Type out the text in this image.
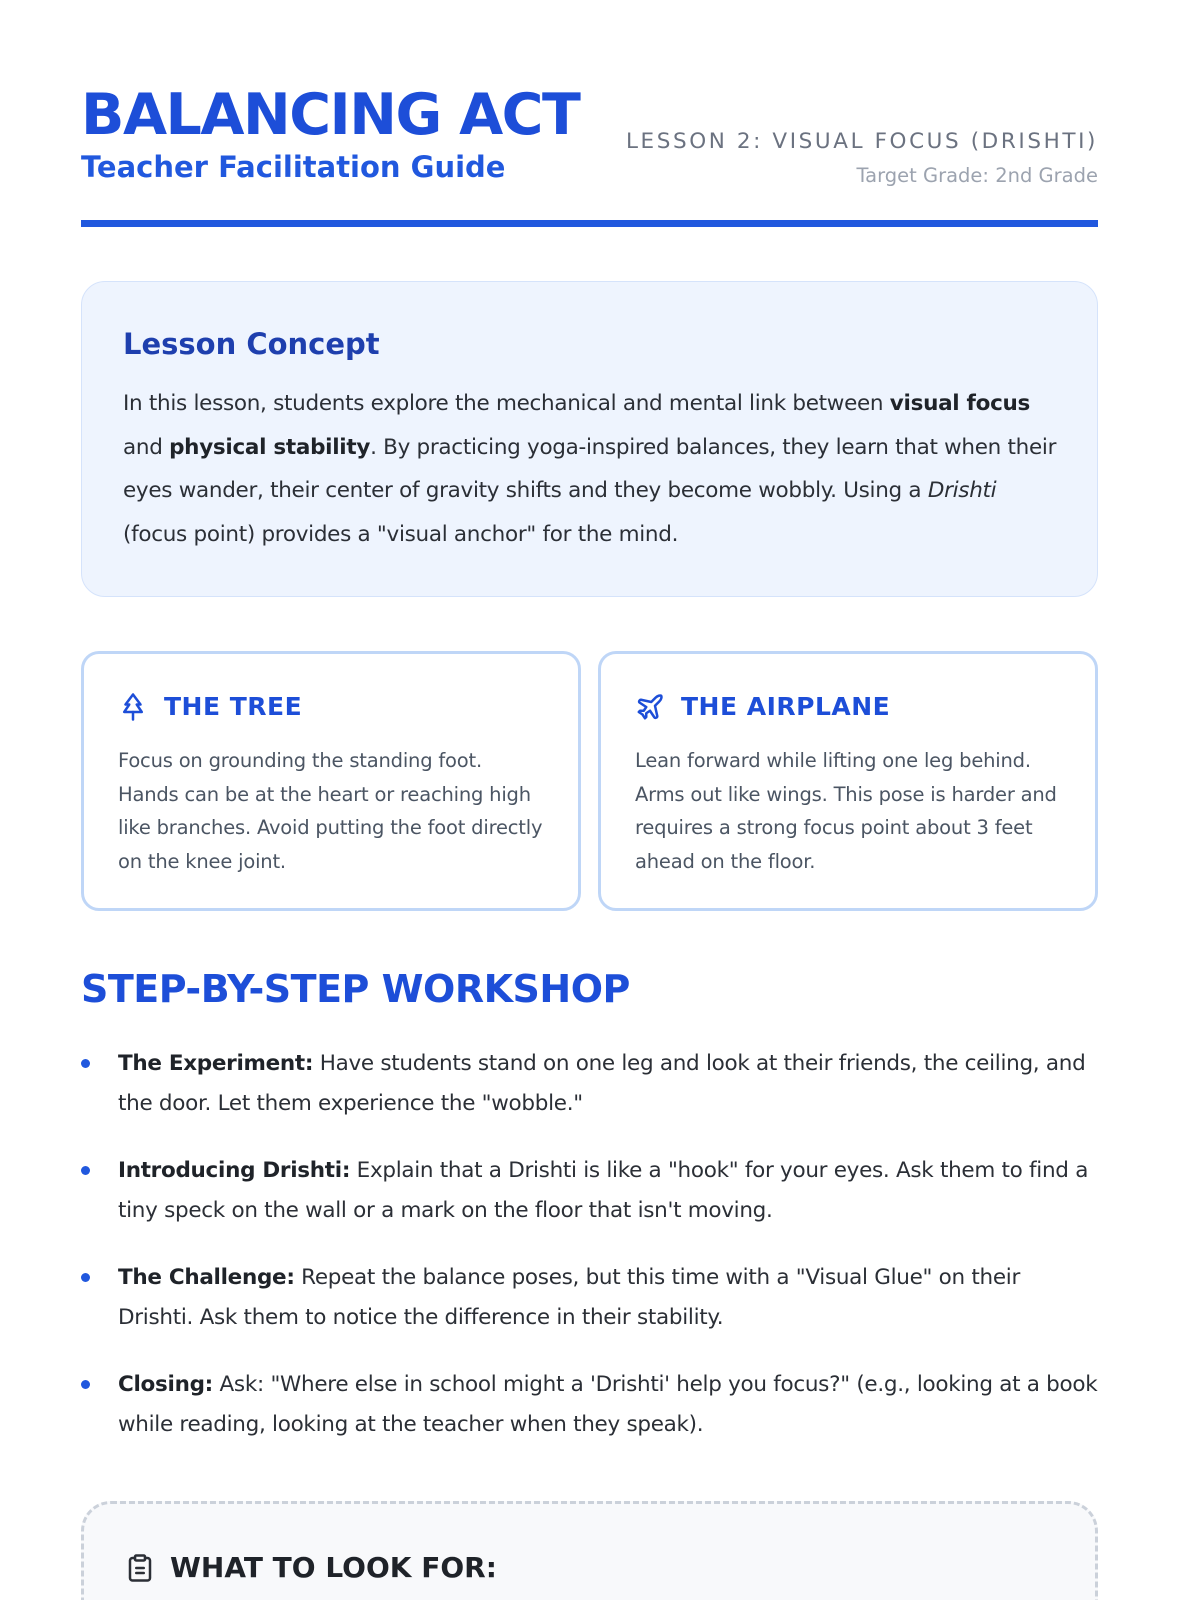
BALANCING ACT
Teacher Facilitation Guide
LESSON 2: VISUAL FOCUS (DRISHTI)
Target Grade: 2nd Grade
Lesson Concept

In this lesson, students explore the mechanical and mental link between visual focus and physical stability. By practicing yoga-inspired balances, they learn that when their eyes wander, their center of gravity shifts and they become wobbly. Using a Drishti (focus point) provides a "visual anchor" for the mind.

THE TREE

Focus on grounding the standing foot. Hands can be at the heart or reaching high like branches. Avoid putting the foot directly on the knee joint.

THE AIRPLANE

Lean forward while lifting one leg behind. Arms out like wings. This pose is harder and requires a strong focus point about 3 feet ahead on the floor.

STEP-BY-STEP WORKSHOP
The Experiment: Have students stand on one leg and look at their friends, the ceiling, and the door. Let them experience the "wobble."
Introducing Drishti: Explain that a Drishti is like a "hook" for your eyes. Ask them to find a tiny speck on the wall or a mark on the floor that isn't moving.
The Challenge: Repeat the balance poses, but this time with a "Visual Glue" on their Drishti. Ask them to notice the difference in their stability.
Closing: Ask: "Where else in school might a 'Drishti' help you focus?" (e.g., looking at a book while reading, looking at the teacher when they speak).
WHAT TO LOOK FOR:
